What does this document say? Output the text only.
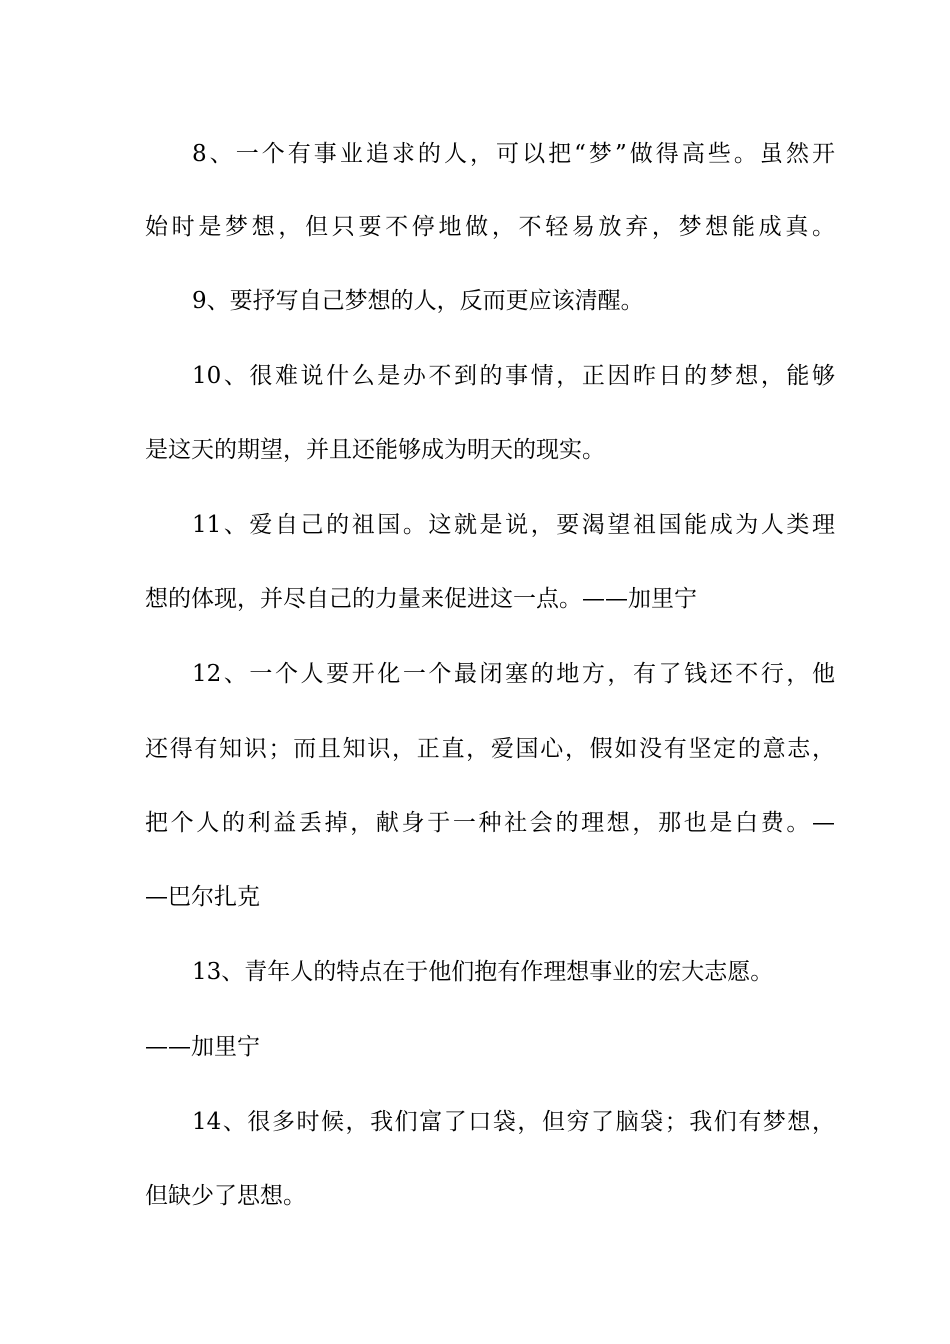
8、一个有事业追求的人，可以把“梦”做得高些。虽然开
始时是梦想，但只要不停地做，不轻易放弃，梦想能成真。
9、要抒写自己梦想的人，反而更应该清醒。
10、很难说什么是办不到的事情，正因昨日的梦想，能够
是这天的期望，并且还能够成为明天的现实。
11、爱自己的祖国。这就是说，要渴望祖国能成为人类理
想的体现，并尽自己的力量来促进这一点。——加里宁
12、一个人要开化一个最闭塞的地方，有了钱还不行，他
还得有知识；而且知识，正直，爱国心，假如没有坚定的意志，
把个人的利益丢掉，献身于一种社会的理想，那也是白费。—
—巴尔扎克
13、青年人的特点在于他们抱有作理想事业的宏大志愿。
——加里宁
14、很多时候，我们富了口袋，但穷了脑袋；我们有梦想，
但缺少了思想。
